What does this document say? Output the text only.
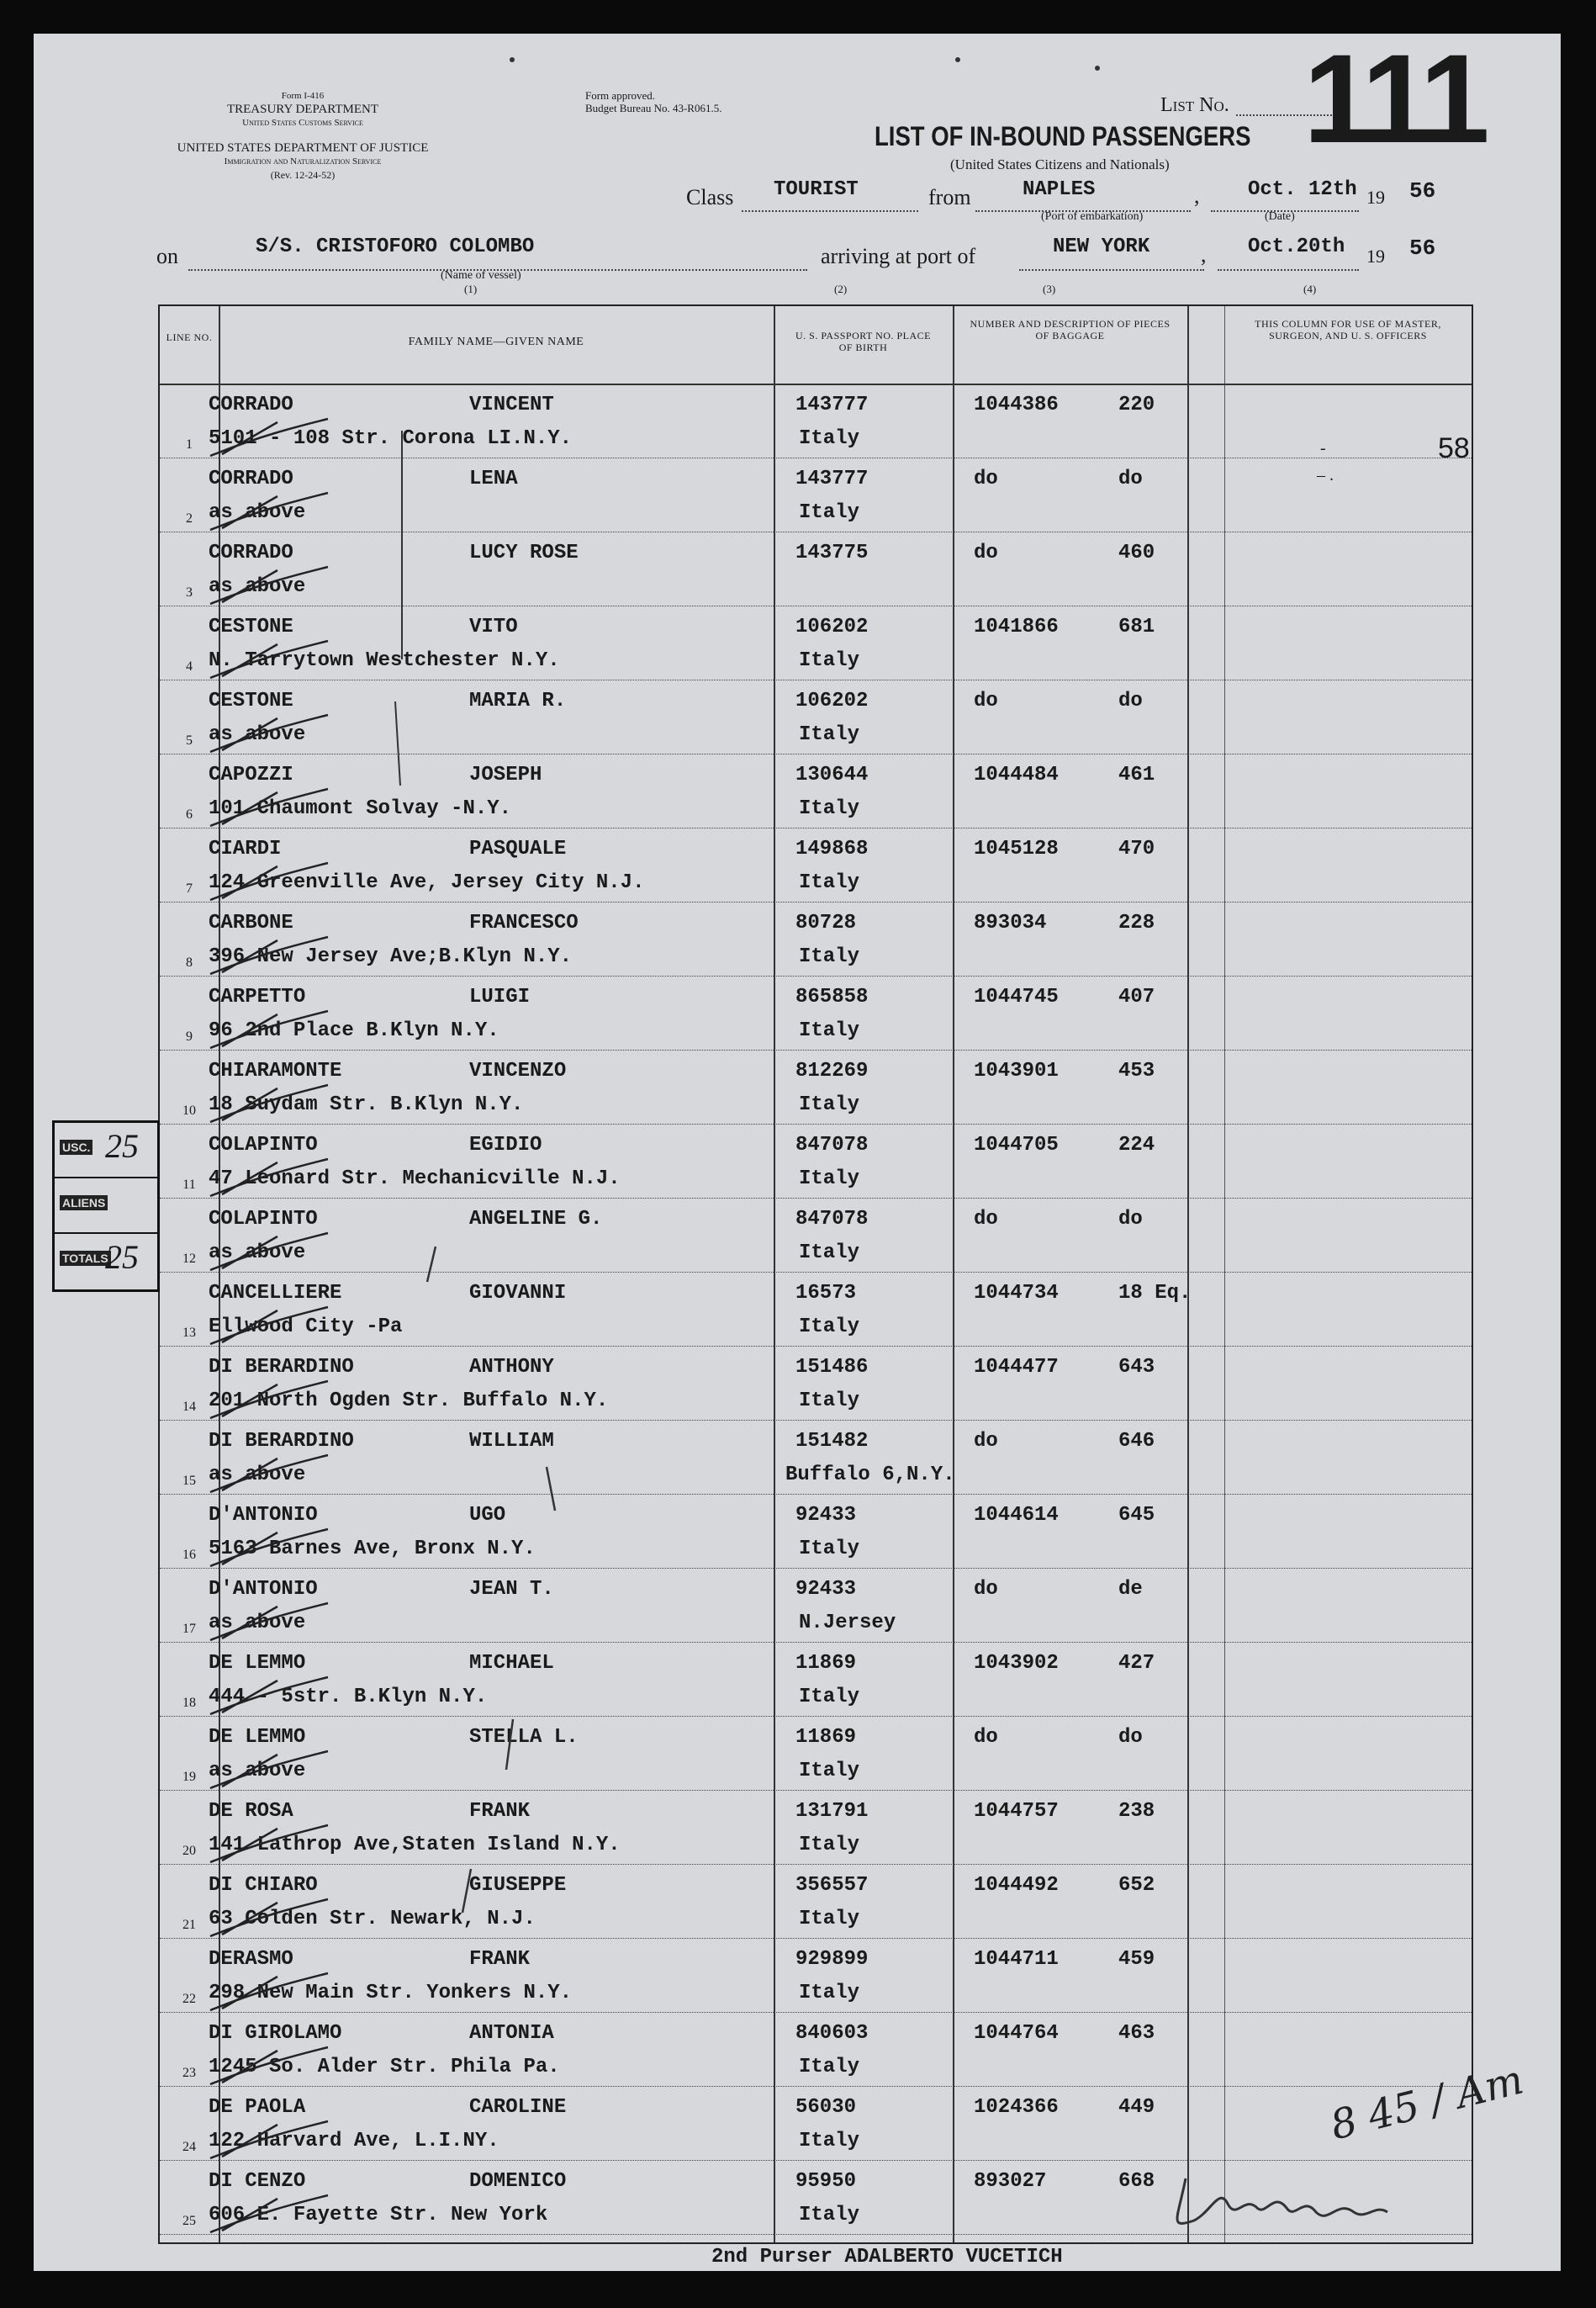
Form I-416
TREASURY DEPARTMENT
United States Customs Service
UNITED STATES DEPARTMENT OF JUSTICE
Immigration and Naturalization Service
(Rev. 12-24-52)
Form approved.
Budget Bureau No. 43-R061.5.	List No. 111
LIST OF IN-BOUND PASSENGERS
(United States Citizens and Nationals)
Class TOURIST	from	NAPLES
(Port of embarkation)
, Oct. 12th 19 56
(Date)
on	S/S. CRISTOFORO COLOMBO
(Name of vessel)
(1)
arriving at port of	NEW YORK , Oct.20th 19 56
(2)	(3)	(4)
LINE NO.	FAMILY NAME—GIVEN NAME	U. S. PASSPORT NO. PLACE OF BIRTH
NUMBER AND DESCRIPTION OF PIECES OF BAGGAGE
THIS COLUMN FOR USE OF MASTER, SURGEON, AND U. S. OFFICERS
1
CORRADO	VINCENT
5101 - 108 Str. Corona LI.N.Y.
143777
Italy
1044386	220
2
CORRADO	LENA
as above
143777
Italy
do	do
3
CORRADO	LUCY ROSE
as above
143775	do	460
4
CESTONE	VITO
N. Tarrytown Westchester N.Y.
106202
Italy
1041866	681
5
CESTONE	MARIA R.
as above
106202
Italy
do	do
6
CAPOZZI	JOSEPH
101 Chaumont Solvay -N.Y.
130644
Italy
1044484	461
7
CIARDI	PASQUALE
124 Greenville Ave, Jersey City N.J.
149868
Italy
1045128	470
8
CARBONE	FRANCESCO
396 New Jersey Ave;B.Klyn N.Y.
80728
Italy
893034	228
9
CARPETTO	LUIGI
96 2nd Place B.Klyn N.Y.
865858
Italy
1044745	407
10
CHIARAMONTE	VINCENZO
18 Suydam Str. B.Klyn N.Y.
812269
Italy
1043901	453
11
COLAPINTO	EGIDIO
47 Leonard Str. Mechanicville N.J.
847078
Italy
1044705	224
12
COLAPINTO	ANGELINE G.
as above
847078
Italy
do	do
13
CANCELLIERE	GIOVANNI
Ellwood City -Pa
16573
Italy
1044734	18 Eq.
14
DI BERARDINO	ANTHONY
201 North Ogden Str. Buffalo N.Y.
151486
Italy
1044477	643
15
DI BERARDINO	WILLIAM
as above
151482
Buffalo 6,N.Y.
do	646
16
D'ANTONIO	UGO
5163 Barnes Ave, Bronx N.Y.
92433
Italy
1044614	645
17
D'ANTONIO	JEAN T.
as above
92433
N.Jersey
do	de
18
DE LEMMO	MICHAEL
444 - 5str. B.Klyn N.Y.
11869
Italy
1043902	427
19
DE LEMMO	STELLA L.
as above
11869
Italy
do	do
20
DE ROSA	FRANK
141 Lathrop Ave,Staten Island N.Y.
131791
Italy
1044757	238
21
DI CHIARO	GIUSEPPE
63 Colden Str. Newark, N.J.
356557
Italy
1044492	652
22
DERASMO	FRANK
298 New Main Str. Yonkers N.Y.
929899
Italy
1044711	459
23
DI GIROLAMO	ANTONIA
1245 So. Alder Str. Phila Pa.
840603
Italy
1044764	463
24
DE PAOLA	CAROLINE
122 Harvard Ave, L.I.NY.
56030
Italy
1024366	449
25
DI CENZO	DOMENICO
606 E. Fayette Str. New York
95950
Italy
893027	668
58
-
– .
USC. 25
ALIENS
TOTALS
25
8 45 / Am
2nd Purser ADALBERTO VUCETICH
